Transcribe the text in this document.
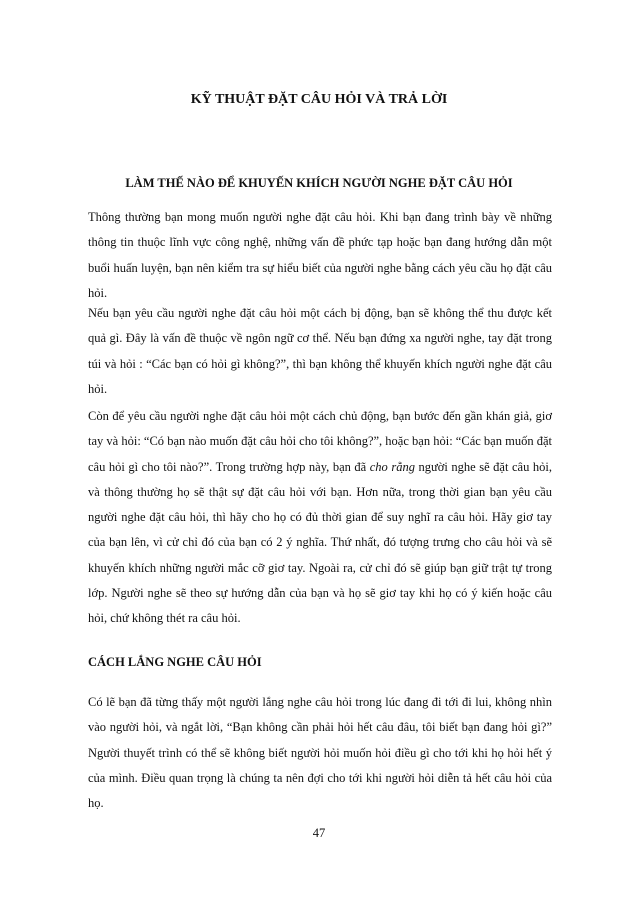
KỸ THUẬT ĐẶT CÂU HỎI VÀ TRẢ LỜI
LÀM THẾ NÀO ĐỂ KHUYẾN KHÍCH NGƯỜI NGHE ĐẶT CÂU HỎI

Thông thường bạn mong muốn người nghe đặt câu hỏi. Khi bạn đang trình bày về những thông tin thuộc lĩnh vực công nghệ, những vấn đề phức tạp hoặc bạn đang hướng dẫn một buổi huấn luyện, bạn nên kiểm tra sự hiểu biết của người nghe bằng cách yêu cầu họ đặt câu hỏi.

Nếu bạn yêu cầu người nghe đặt câu hỏi một cách bị động, bạn sẽ không thể thu được kết quả gì. Đây là vấn đề thuộc về ngôn ngữ cơ thể. Nếu bạn đứng xa người nghe, tay đặt trong túi và hỏi : “Các bạn có hỏi gì không?”, thì bạn không thể khuyến khích người nghe đặt câu hỏi.

Còn để yêu cầu người nghe đặt câu hỏi một cách chủ động, bạn bước đến gần khán giả, giơ tay và hỏi: “Có bạn nào muốn đặt câu hỏi cho tôi không?”, hoặc bạn hỏi: “Các bạn muốn đặt câu hỏi gì cho tôi nào?”. Trong trường hợp này, bạn đã cho rằng người nghe sẽ đặt câu hỏi, và thông thường họ sẽ thật sự đặt câu hỏi với bạn. Hơn nữa, trong thời gian bạn yêu cầu người nghe đặt câu hỏi, thì hãy cho họ có đủ thời gian để suy nghĩ ra câu hỏi. Hãy giơ tay của bạn lên, vì cử chỉ đó của bạn có 2 ý nghĩa. Thứ nhất, đó tượng trưng cho câu hỏi và sẽ khuyến khích những người mắc cỡ giơ tay. Ngoài ra, cử chỉ đó sẽ giúp bạn giữ trật tự trong lớp. Người nghe sẽ theo sự hướng dẫn của bạn và họ sẽ giơ tay khi họ có ý kiến hoặc câu hỏi, chứ không thét ra câu hỏi.

CÁCH LẮNG NGHE CÂU HỎI

Có lẽ bạn đã từng thấy một người lắng nghe câu hỏi trong lúc đang đi tới đi lui, không nhìn vào người hỏi, và ngắt lời, “Bạn không cần phải hỏi hết câu đâu, tôi biết bạn đang hỏi gì?” Người thuyết trình có thể sẽ không biết người hỏi muốn hỏi điều gì cho tới khi họ hỏi hết ý của mình. Điều quan trọng là chúng ta nên đợi cho tới khi người hỏi diễn tả hết câu hỏi của họ.

47
